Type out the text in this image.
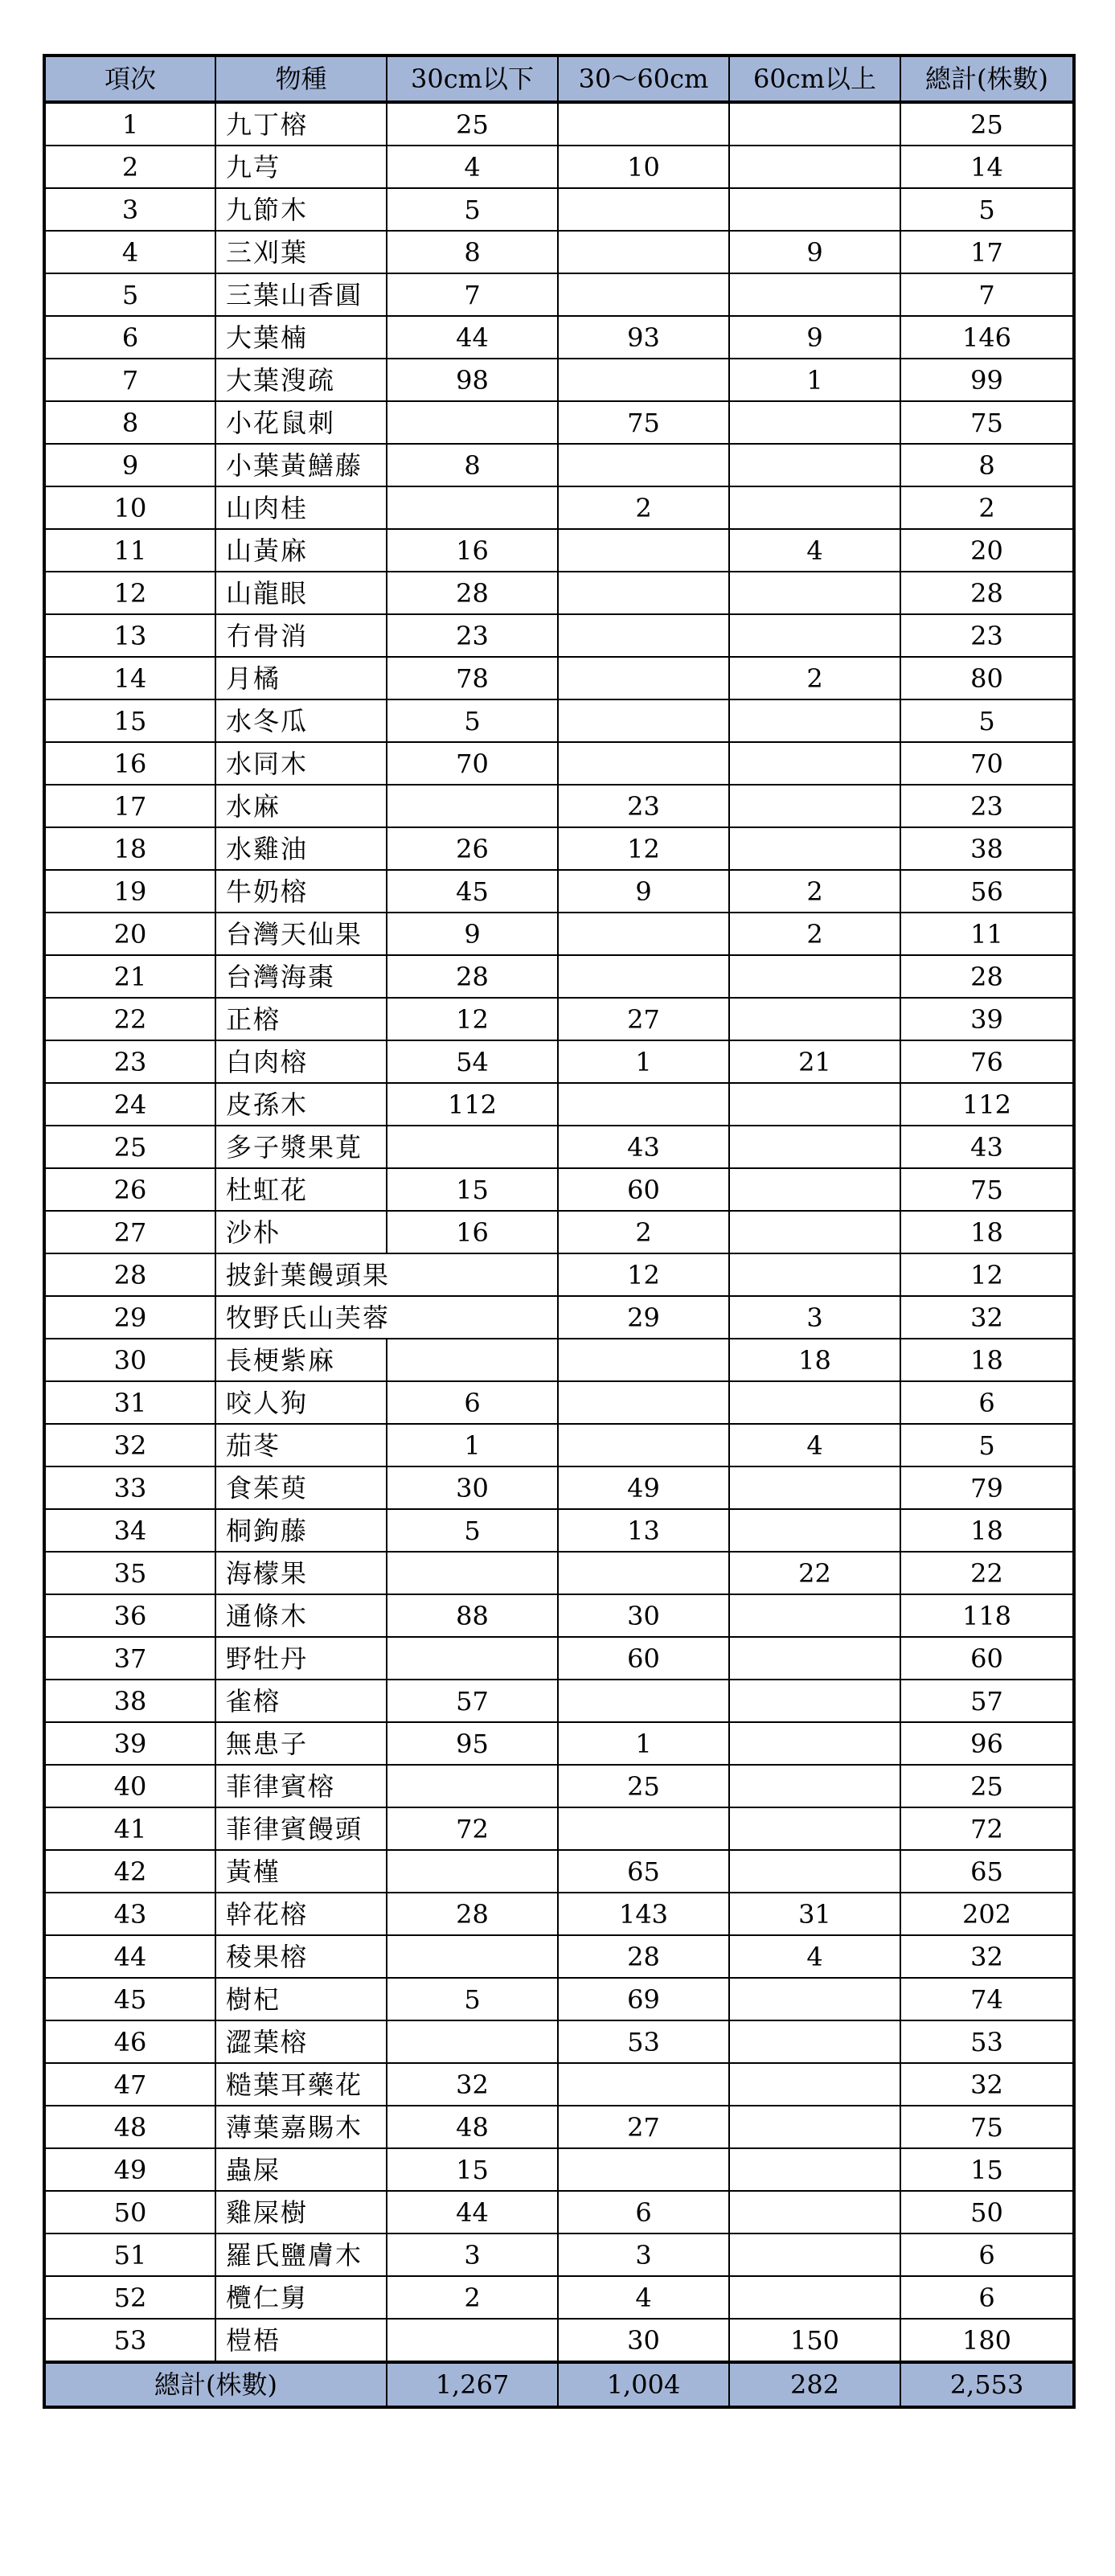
項次	物種	30cm以下	30～60cm	60cm以上	總計(株數)
1	九丁榕	25			25
2	九芎	4	10		14
3	九節木	5			5
4	三刈葉	8		9	17
5	三葉山香圓	7			7
6	大葉楠	44	93	9	146
7	大葉溲疏	98		1	99
8	小花鼠刺		75		75
9	小葉黃鱔藤	8			8
10	山肉桂		2		2
11	山黃麻	16		4	20
12	山龍眼	28			28
13	冇骨消	23			23
14	月橘	78		2	80
15	水冬瓜	5			5
16	水同木	70			70
17	水麻		23		23
18	水雞油	26	12		38
19	牛奶榕	45	9	2	56
20	台灣天仙果	9		2	11
21	台灣海棗	28			28
22	正榕	12	27		39
23	白肉榕	54	1	21	76
24	皮孫木	112			112
25	多子漿果莧		43		43
26	杜虹花	15	60		75
27	沙朴	16	2		18
28	披針葉饅頭果		12		12
29	牧野氏山芙蓉		29	3	32
30	長梗紫麻			18	18
31	咬人狗	6			6
32	茄苳	1		4	5
33	食茱萸	30	49		79
34	桐鉤藤	5	13		18
35	海檬果			22	22
36	通條木	88	30		118
37	野牡丹		60		60
38	雀榕	57			57
39	無患子	95	1		96
40	菲律賓榕		25		25
41	菲律賓饅頭	72			72
42	黃槿		65		65
43	幹花榕	28	143	31	202
44	稜果榕		28	4	32
45	樹杞	5	69		74
46	澀葉榕		53		53
47	糙葉耳藥花	32			32
48	薄葉嘉賜木	48	27		75
49	蟲屎	15			15
50	雞屎樹	44	6		50
51	羅氏鹽膚木	3	3		6
52	欖仁舅	2	4		6
53	榿梧		30	150	180
總計(株數)		1,267	1,004	282	2,553
